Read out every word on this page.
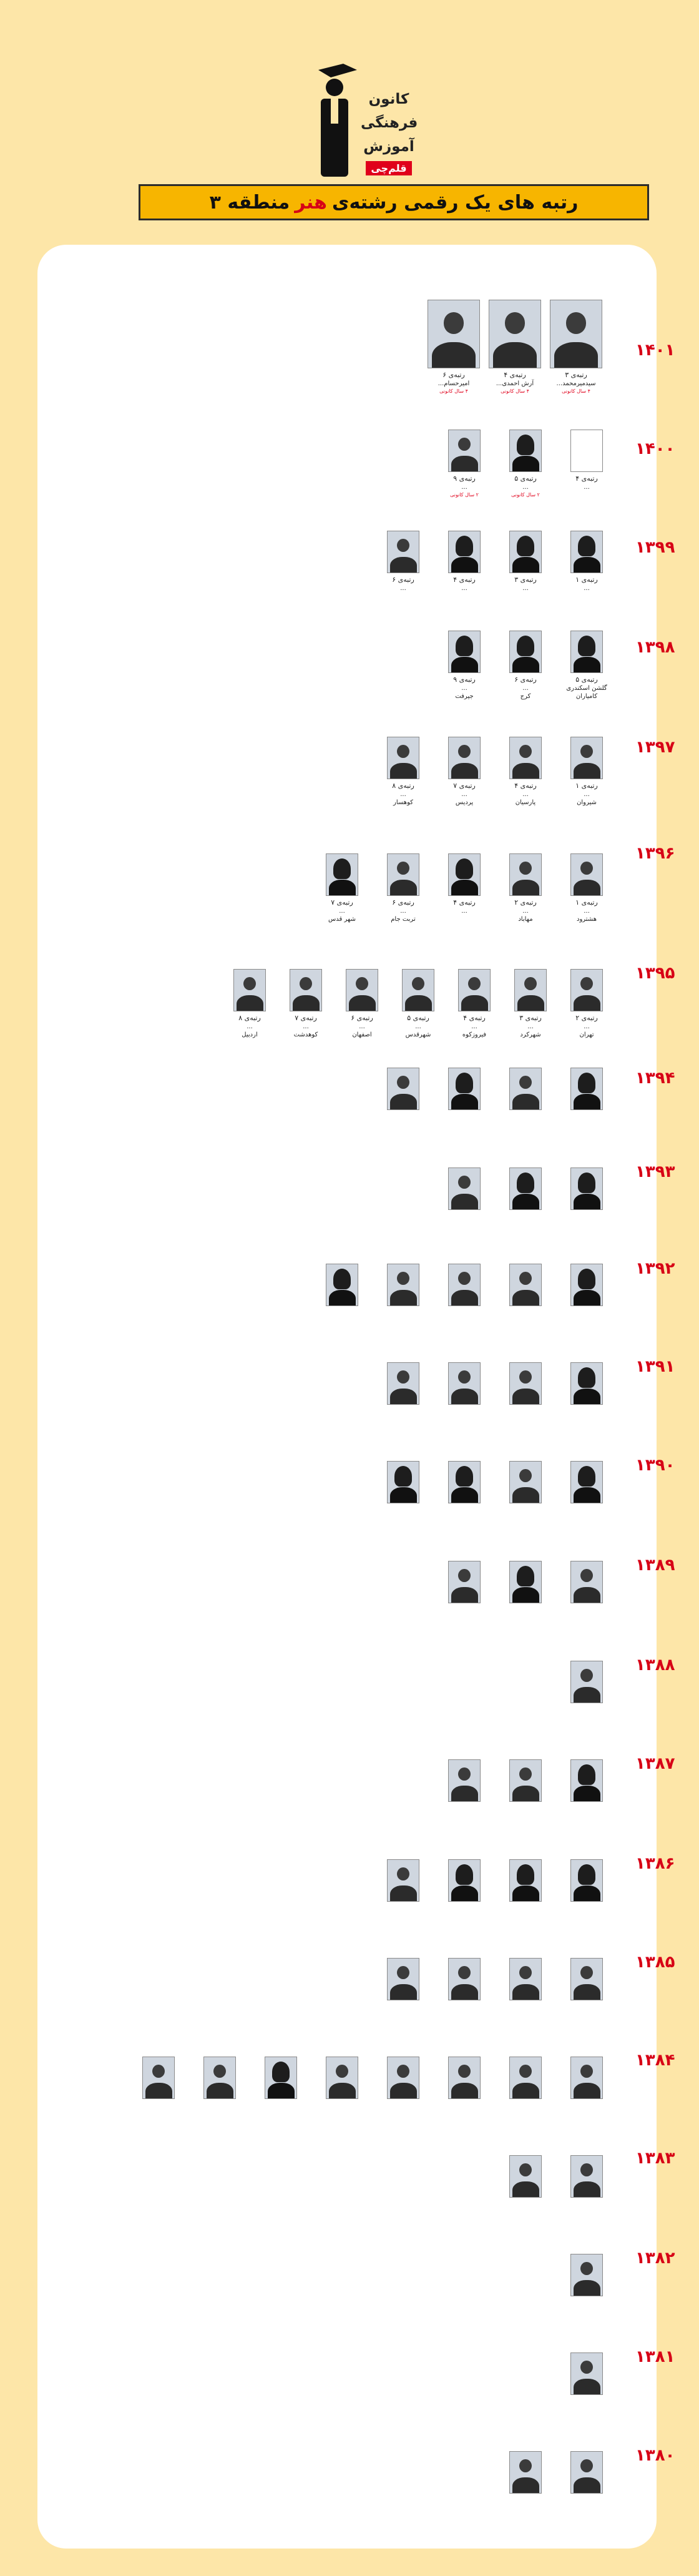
کانون
فرهنگی
آموزش
قلم‌چی
رتبه های یک رقمی رشته‌ی
هنر
منطقه ۳
۱۴۰۱
۱۴۰۰
۱۳۹۹
۱۳۹۸
۱۳۹۷
۱۳۹۶
۱۳۹۵
۱۳۹۴
۱۳۹۳
۱۳۹۲
۱۳۹۱
۱۳۹۰
۱۳۸۹
۱۳۸۸
۱۳۸۷
۱۳۸۶
۱۳۸۵
۱۳۸۴
۱۳۸۳
۱۳۸۲
۱۳۸۱
۱۳۸۰
رتبه‌ی ۳
سیدمیرمحمد...
۴ سال کانونی
رتبه‌ی ۴
آرش احمدی...
۴ سال کانونی
رتبه‌ی ۶
امیرحسام...
۴ سال کانونی
رتبه‌ی ۴
...
رتبه‌ی ۵
...
۲ سال کانونی
رتبه‌ی ۹
...
۲ سال کانونی
رتبه‌ی ۱
...
رتبه‌ی ۳
...
رتبه‌ی ۴
...
رتبه‌ی ۶
...
رتبه‌ی ۵
گلشن اسکندری
کامیاران
رتبه‌ی ۶
...
کرج
رتبه‌ی ۹
...
جیرفت
رتبه‌ی ۱
...
شیروان
رتبه‌ی ۴
...
پارسیان
رتبه‌ی ۷
...
پردیس
رتبه‌ی ۸
...
کوهسار
رتبه‌ی ۱
...
هشترود
رتبه‌ی ۲
...
مهاباد
رتبه‌ی ۴
...
رتبه‌ی ۶
...
تربت جام
رتبه‌ی ۷
...
شهر قدس
رتبه‌ی ۲
...
تهران
رتبه‌ی ۳
...
شهرکرد
رتبه‌ی ۴
...
فیروزکوه
رتبه‌ی ۵
...
شهرقدس
رتبه‌ی ۶
...
اصفهان
رتبه‌ی ۷
...
کوهدشت
رتبه‌ی ۸
...
اردبیل
